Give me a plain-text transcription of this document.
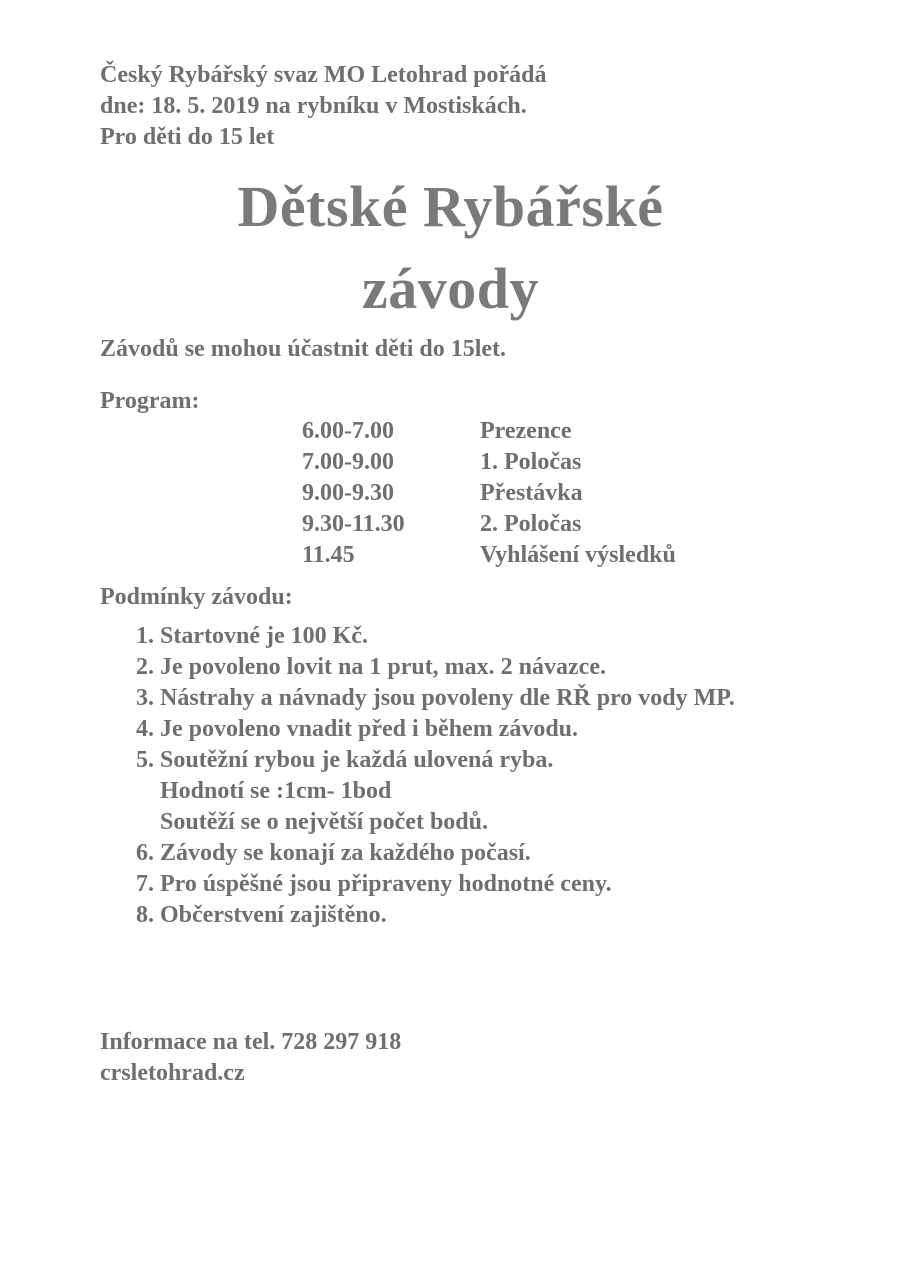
Český Rybářský svaz MO Letohrad pořádá
dne: 18. 5. 2019 na rybníku v Mostiskách.
Pro děti do 15 let
Dětské Rybářské
závody
Závodů se mohou účastnit děti do 15let.
Program:
6.00-7.00	Prezence
7.00-9.00	1. Poločas
9.00-9.30	Přestávka
9.30-11.30	2. Poločas
11.45	Vyhlášení výsledků
Podmínky závodu:
1. Startovné je 100 Kč.
2. Je povoleno lovit na 1 prut, max. 2 návazce.
3. Nástrahy a návnady jsou povoleny dle RŘ pro vody MP.
4. Je povoleno vnadit před i během závodu.
5. Soutěžní rybou je každá ulovená ryba.
Hodnotí se :1cm- 1bod
Soutěží se o největší počet bodů.
6. Závody se konají za každého počasí.
7. Pro úspěšné jsou připraveny hodnotné ceny.
8. Občerstvení zajištěno.
Informace na tel. 728 297 918
crsletohrad.cz
